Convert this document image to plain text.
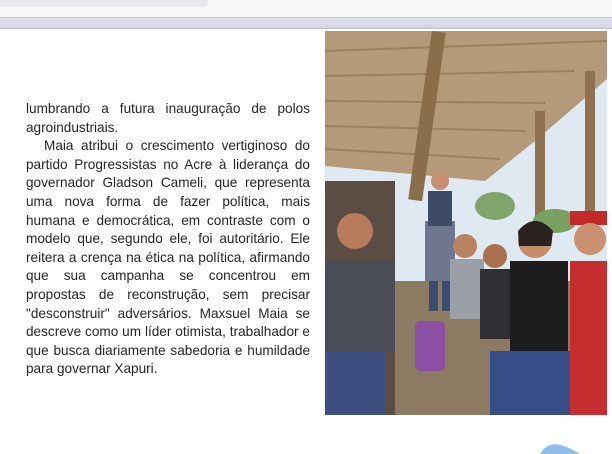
lumbrando a futura inauguração de polos agroindustriais.

Maia atribui o crescimento vertiginoso do partido Progressistas no Acre à liderança do governador Gladson Cameli, que representa uma nova forma de fazer política, mais humana e democrática, em contraste com o modelo que, segundo ele, foi autoritário. Ele reitera a crença na ética na política, afirmando que sua campanha se concentrou em propostas de reconstrução, sem precisar "desconstruir" adversários. Maxsuel Maia se descreve como um líder otimista, trabalhador e que busca diariamente sabedoria e humildade para governar Xapuri.
